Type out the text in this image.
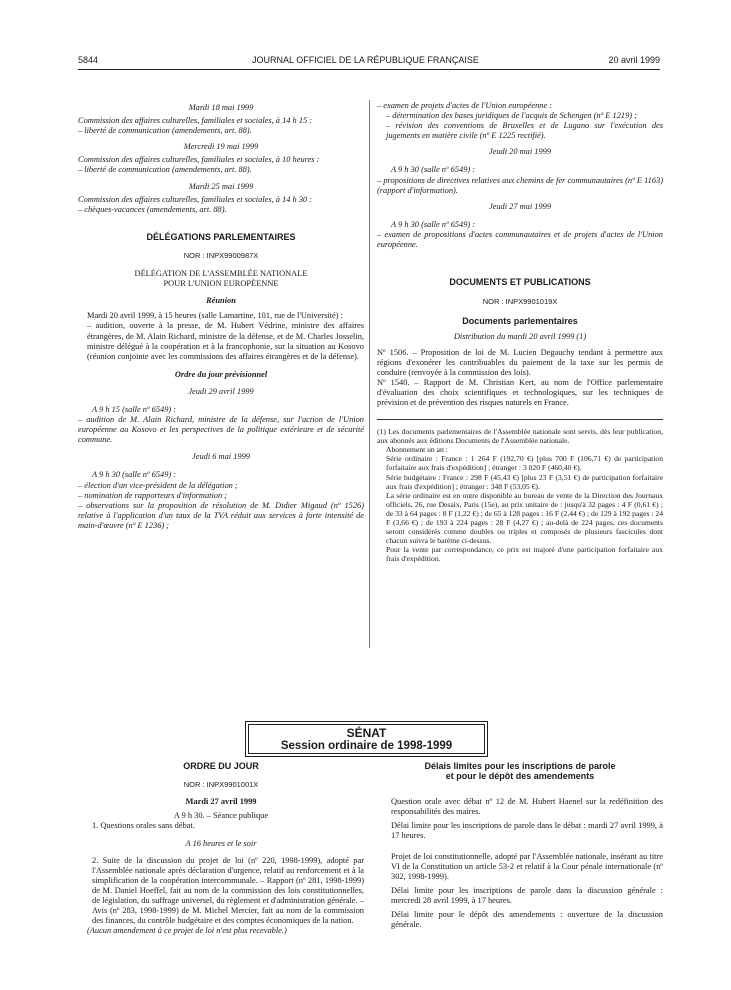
5844	JOURNAL OFFICIEL DE LA RÉPUBLIQUE FRANÇAISE	20 avril 1999

Mardi 18 mai 1999

Commission des affaires culturelles, familiales et sociales, à 14 h 15 :

– liberté de communication (amendements, art. 88).

Mercredi 19 mai 1999

Commission des affaires culturelles, familiales et sociales, à 10 heures :

– liberté de communication (amendements, art. 88).

Mardi 25 mai 1999

Commission des affaires culturelles, familiales et sociales, à 14 h 30 :

– chèques-vacances (amendements, art. 88).

DÉLÉGATIONS PARLEMENTAIRES

NOR : INPX9900987X

DÉLÉGATION DE L'ASSEMBLÉE NATIONALE

POUR L'UNION EUROPÉENNE

Réunion

Mardi 20 avril 1999, à 15 heures (salle Lamartine, 101, rue de l'Université) :

– audition, ouverte à la presse, de M. Hubert Védrine, ministre des affaires étrangères, de M. Alain Richard, ministre de la défense, et de M. Charles Josselin, ministre délégué à la coopération et à la francophonie, sur la situation au Kosovo (réunion conjointe avec les commissions des affaires étrangères et de la défense).

Ordre du jour prévisionnel

Jeudi 29 avril 1999

A 9 h 15 (salle nº 6549) :

– audition de M. Alain Richard, ministre de la défense, sur l'action de l'Union européenne au Kosovo et les perspectives de la politique extérieure et de sécurité commune.

Jeudi 6 mai 1999

A 9 h 30 (salle nº 6549) :

– élection d'un vice-président de la délégation ;

– nomination de rapporteurs d'information ;

– observations sur la proposition de résolution de M. Didier Migaud (nº 1526) relative à l'application d'un taux de la TVA réduit aux services à forte intensité de main-d'œuvre (nº E 1236) ;

– examen de projets d'actes de l'Union européenne :

– détermination des bases juridiques de l'acquis de Schengen (nº E 1219) ;

– révision des conventions de Bruxelles et de Lugano sur l'exécution des jugements en matière civile (nº E 1225 rectifié).

Jeudi 20 mai 1999

A 9 h 30 (salle nº 6549) :

– propositions de directives relatives aux chemins de fer communautaires (nº E 1163) (rapport d'information).

Jeudi 27 mai 1999

A 9 h 30 (salle nº 6549) :

– examen de propositions d'actes communautaires et de projets d'actes de l'Union européenne.

DOCUMENTS ET PUBLICATIONS

NOR : INPX9901019X

Documents parlementaires

Distribution du mardi 20 avril 1999 (1)

Nº 1506. – Proposition de loi de M. Lucien Degauchy tendant à permettre aux régions d'exonérer les contribuables du paiement de la taxe sur les permis de conduire (renvoyée à la commission des lois).

Nº 1540. – Rapport de M. Christian Kert, au nom de l'Office parlementaire d'évaluation des choix scientifiques et technologiques, sur les techniques de prévision et de prévention des risques naturels en France.

(1) Les documents parlementaires de l'Assemblée nationale sont servis, dès leur publication, aux abonnés aux éditions Documents de l'Assemblée nationale.

Abonnement un an :

Série ordinaire : France : 1 264 F (192,70 €) [plus 700 F (106,71 €) de participation forfaitaire aux frais d'expédition] ; étranger : 3 020 F (460,40 €).

Série budgétaire : France : 298 F (45,43 €) [plus 23 F (3,51 €) de participation forfaitaire aux frais d'expédition] ; étranger : 348 F (53,05 €).

La série ordinaire est en outre disponible au bureau de vente de la Direction des Journaux officiels, 26, rue Desaix, Paris (15e), au prix unitaire de : jusqu'à 32 pages : 4 F (0,61 €) ; de 33 à 64 pages : 8 F (1,22 €) ; de 65 à 128 pages : 16 F (2,44 €) ; de 129 à 192 pages : 24 F (3,66 €) ; de 193 à 224 pages : 28 F (4,27 €) ; au-delà de 224 pages, ces documents seront considérés comme doubles ou triples et composés de plusieurs fascicules dont chacun suivra le barème ci-dessus.

Pour la vente par correspondance, ce prix est majoré d'une participation forfaitaire aux frais d'expédition.

SÉNAT
Session ordinaire de 1998-1999

ORDRE DU JOUR

NOR : INPX9901001X

Mardi 27 avril 1999

A 9 h 30. – Séance publique

1. Questions orales sans débat.

A 16 heures et le soir

2. Suite de la discussion du projet de loi (nº 220, 1998-1999), adopté par l'Assemblée nationale après déclaration d'urgence, relatif au renforcement et à la simplification de la coopération intercommunale. – Rapport (nº 281, 1998-1999) de M. Daniel Hoeffel, fait au nom de la commission des lois constitutionnelles, de législation, du suffrage universel, du règlement et d'administration générale. – Avis (nº 283, 1998-1999) de M. Michel Mercier, fait au nom de la commission des finances, du contrôle budgétaire et des comptes économiques de la nation.

(Aucun amendement à ce projet de loi n'est plus recevable.)

Délais limites pour les inscriptions de parole

et pour le dépôt des amendements

Question orale avec débat nº 12 de M. Hubert Haenel sur la redéfinition des responsabilités des maires.

Délai limite pour les inscriptions de parole dans le débat : mardi 27 avril 1999, à 17 heures.

Projet de loi constitutionnelle, adopté par l'Assemblée nationale, insérant au titre VI de la Constitution un article 53-2 et relatif à la Cour pénale internationale (nº 302, 1998-1999).

Délai limite pour les inscriptions de parole dans la discussion générale : mercredi 28 avril 1999, à 17 heures.

Délai limite pour le dépôt des amendements : ouverture de la discussion générale.
